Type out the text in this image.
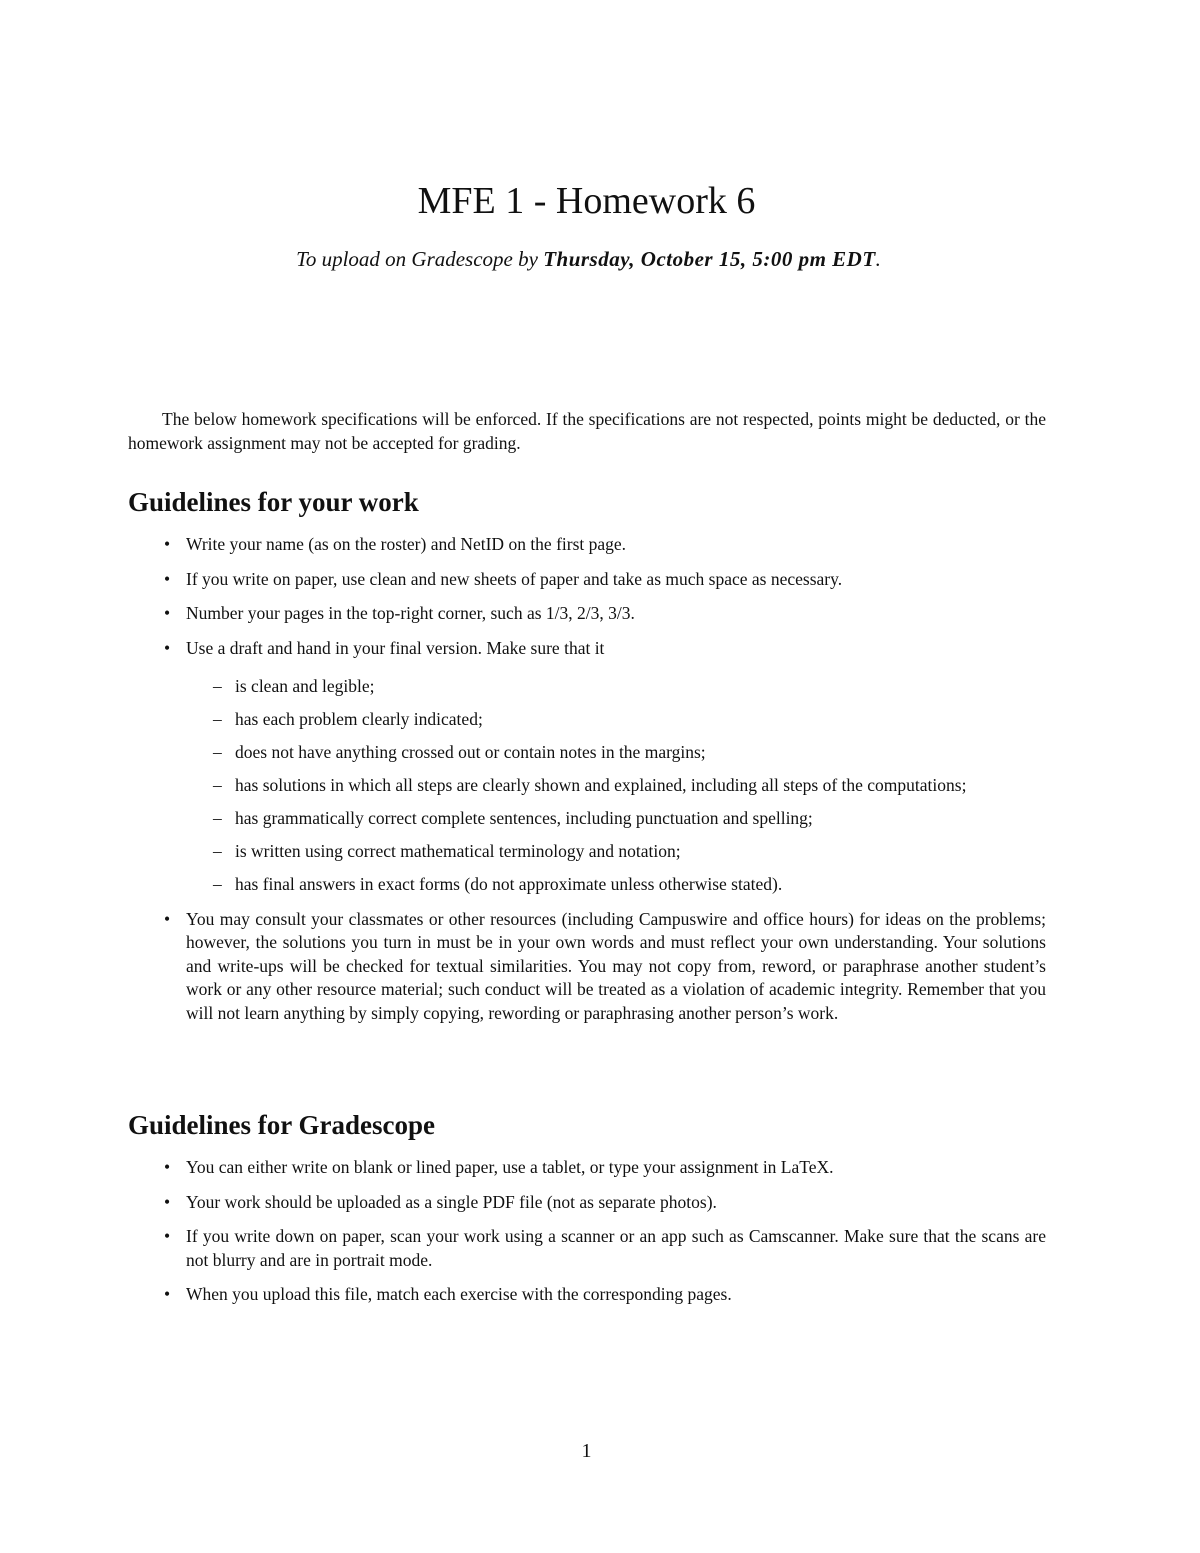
MFE 1 - Homework 6
To upload on Gradescope by Thursday, October 15, 5:00 pm EDT.

The below homework specifications will be enforced. If the specifications are not respected, points might be deducted, or the homework assignment may not be accepted for grading.

Guidelines for your work
• Write your name (as on the roster) and NetID on the first page.
• If you write on paper, use clean and new sheets of paper and take as much space as necessary.
• Number your pages in the top-right corner, such as 1/3, 2/3, 3/3.
• Use a draft and hand in your final version. Make sure that it
– is clean and legible;
– has each problem clearly indicated;
– does not have anything crossed out or contain notes in the margins;
– has solutions in which all steps are clearly shown and explained, including all steps of the computations;
– has grammatically correct complete sentences, including punctuation and spelling;
– is written using correct mathematical terminology and notation;
– has final answers in exact forms (do not approximate unless otherwise stated).
• You may consult your classmates or other resources (including Campuswire and office hours) for ideas on the problems; however, the solutions you turn in must be in your own words and must reflect your own understanding. Your solutions and write-ups will be checked for textual similarities. You may not copy from, reword, or paraphrase another student’s work or any other resource material; such conduct will be treated as a violation of academic integrity. Remember that you will not learn anything by simply copying, rewording or paraphrasing another person’s work.
Guidelines for Gradescope
• You can either write on blank or lined paper, use a tablet, or type your assignment in LaTeX.
• Your work should be uploaded as a single PDF file (not as separate photos).
• If you write down on paper, scan your work using a scanner or an app such as Camscanner. Make sure that the scans are not blurry and are in portrait mode.
• When you upload this file, match each exercise with the corresponding pages.
1
